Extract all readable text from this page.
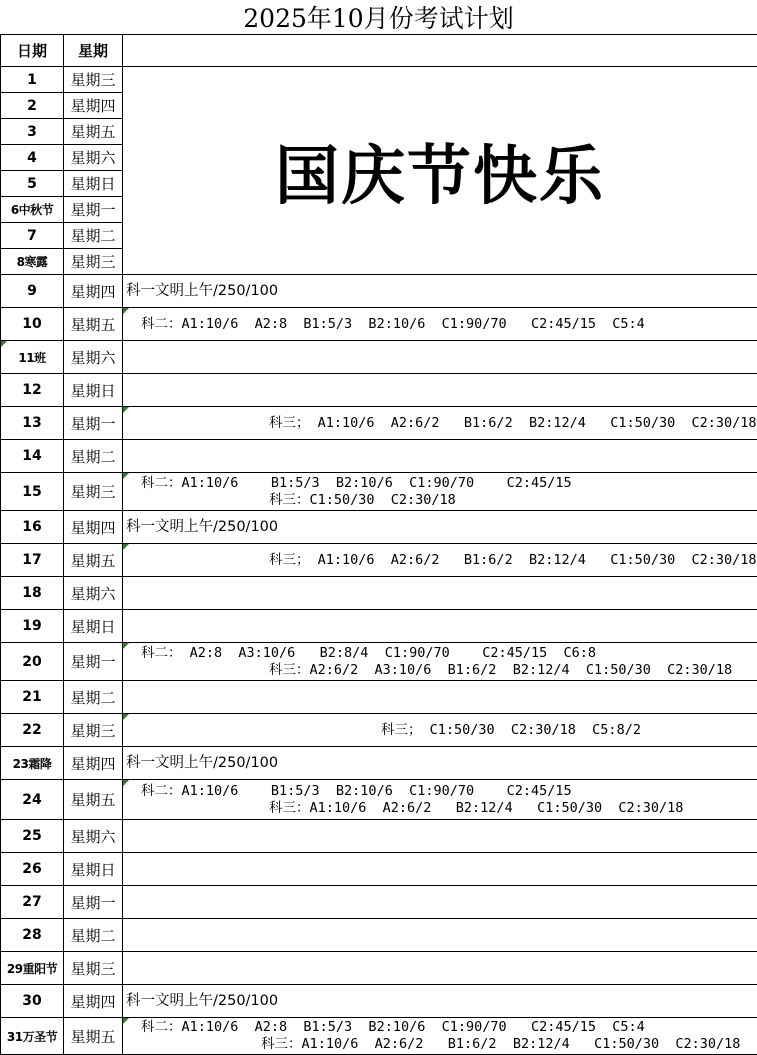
2025年10月份考试计划
日期	星期	
1	星期三	国庆节快乐
2	星期四	
3	星期五	
4	星期六	
5	星期日	
6中秋节	星期一	
7	星期二	
8寒露	星期三	
9	星期四	科一文明上午/250/100

10	星期五	科二：A1:10/6  A2:8  B1:5/3  B2:10/6  C1:90/70   C2:45/15  C5:4

11班	星期六	
12	星期日	
13	星期一	科三； A1:10/6  A2:6/2   B1:6/2  B2:12/4   C1:50/30  C2:30/18

14	星期二	
15	星期三	科二：A1:10/6    B1:5/3  B2:10/6  C1:90/70    C2:45/15
科三：C1:50/30  C2:30/18

16	星期四	科一文明上午/250/100

17	星期五	科三； A1:10/6  A2:6/2   B1:6/2  B2:12/4   C1:50/30  C2:30/18

18	星期六	
19	星期日	
20	星期一	科二： A2:8  A3:10/6   B2:8/4  C1:90/70    C2:45/15  C6:8
科三：A2:6/2  A3:10/6  B1:6/2  B2:12/4  C1:50/30  C2:30/18

21	星期二	
22	星期三	科三； C1:50/30  C2:30/18  C5:8/2

23霜降	星期四	科一文明上午/250/100

24	星期五	科二：A1:10/6    B1:5/3  B2:10/6  C1:90/70    C2:45/15
科三：A1:10/6  A2:6/2   B2:12/4   C1:50/30  C2:30/18

25	星期六	
26	星期日	
27	星期一	
28	星期二	
29重阳节	星期三	
30	星期四	科一文明上午/250/100

31万圣节	星期五	科二：A1:10/6  A2:8  B1:5/3  B2:10/6  C1:90/70   C2:45/15  C5:4
科三：A1:10/6  A2:6/2   B1:6/2  B2:12/4   C1:50/30  C2:30/18
